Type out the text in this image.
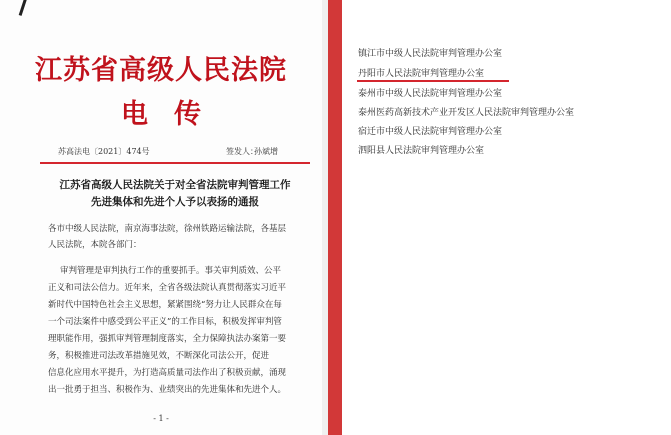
江苏省高级人民法院
电传
苏高法电〔2021〕474号	签发人：
孙斌增
江苏省高级人民法院关于对全省法院审判管理工作
先进集体和先进个人予以表扬的通报
各市中级人民法院，南京海事法院，徐州铁路运输法院，各基层
人民法院，本院各部门：
审判管理是审判执行工作的重要抓手。事关审判质效、公平
正义和司法公信力。近年来，全省各级法院认真贯彻落实习近平
新时代中国特色社会主义思想，紧紧围绕“努力让人民群众在每
一个司法案件中感受到公平正义”的工作目标，积极发挥审判管
理职能作用，强抓审判管理制度落实，全力保障执法办案第一要
务，积极推进司法改革措施见效，不断深化司法公开，促进
信息化应用水平提升，为打造高质量司法作出了积极贡献，涌现
出一批勇于担当、积极作为、业绩突出的先进集体和先进个人。
- 1 -
镇江市中级人民法院审判管理办公室
丹阳市人民法院审判管理办公室
泰州市中级人民法院审判管理办公室
泰州医药高新技术产业开发区人民法院审判管理办公室
宿迁市中级人民法院审判管理办公室
泗阳县人民法院审判管理办公室
